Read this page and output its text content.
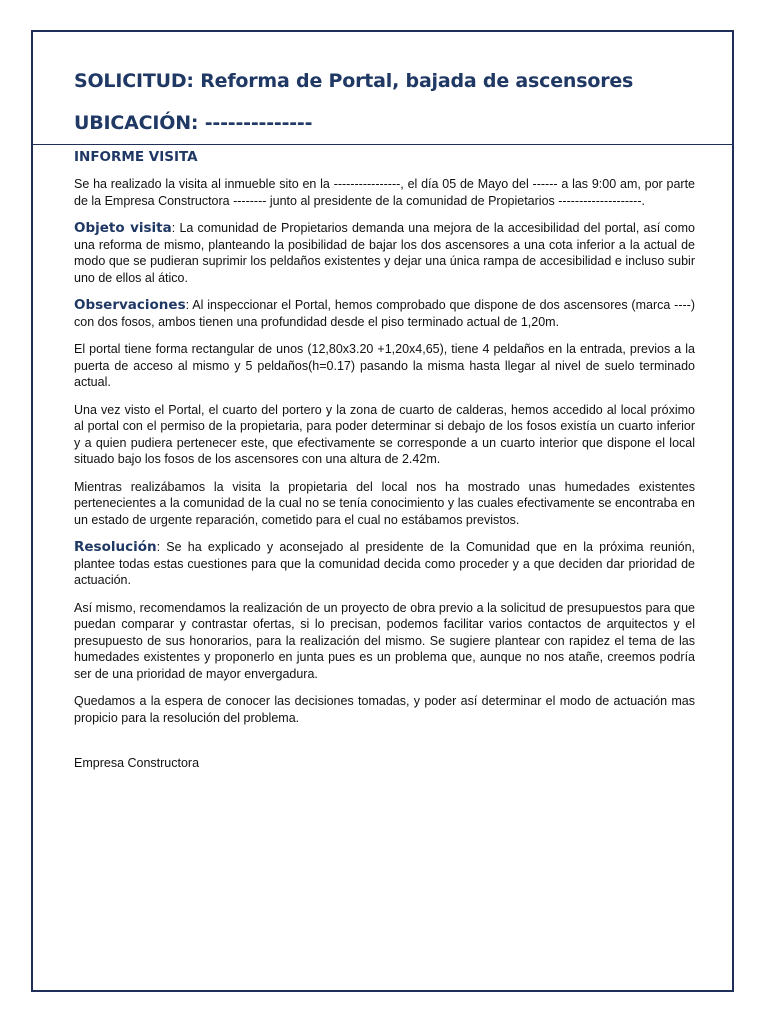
SOLICITUD: Reforma de Portal, bajada de ascensores
UBICACIÓN: --------------
INFORME VISITA

Se ha realizado la visita al inmueble sito en la ----------------, el día 05 de Mayo del ------ a las 9:00 am, por parte de la Empresa Constructora -------- junto al presidente de la comunidad de Propietarios --------------------.

Objeto visita: La comunidad de Propietarios demanda una mejora de la accesibilidad del portal, así como una reforma de mismo, planteando la posibilidad de bajar los dos ascensores a una cota inferior a la actual de modo que se pudieran suprimir los peldaños existentes y dejar una única rampa de accesibilidad e incluso subir uno de ellos al ático.

Observaciones: Al inspeccionar el Portal, hemos comprobado que dispone de dos ascensores (marca ----) con dos fosos, ambos tienen una profundidad desde el piso terminado actual de 1,20m.

El portal tiene forma rectangular de unos (12,80x3.20 +1,20x4,65), tiene 4 peldaños en la entrada, previos a la puerta de acceso al mismo y 5 peldaños(h=0.17) pasando la misma hasta llegar al nivel de suelo terminado actual.

Una vez visto el Portal, el cuarto del portero y la zona de cuarto de calderas, hemos accedido al local próximo al portal con el permiso de la propietaria, para poder determinar si debajo de los fosos existía un cuarto inferior y a quien pudiera pertenecer este, que efectivamente se corresponde a un cuarto interior que dispone el local situado bajo los fosos de los ascensores con una altura de 2.42m.

Mientras realizábamos la visita la propietaria del local nos ha mostrado unas humedades existentes pertenecientes a la comunidad de la cual no se tenía conocimiento y las cuales efectivamente se encontraba en un estado de urgente reparación, cometido para el cual no estábamos previstos.

Resolución: Se ha explicado y aconsejado al presidente de la Comunidad que en la próxima reunión, plantee todas estas cuestiones para que la comunidad decida como proceder y a que deciden dar prioridad de actuación.

Así mismo, recomendamos la realización de un proyecto de obra previo a la solicitud de presupuestos para que puedan comparar y contrastar ofertas, si lo precisan, podemos facilitar varios contactos de arquitectos y el presupuesto de sus honorarios, para la realización del mismo. Se sugiere plantear con rapidez el tema de las humedades existentes y proponerlo en junta pues es un problema que, aunque no nos atañe, creemos podría ser de una prioridad de mayor envergadura.

Quedamos a la espera de conocer las decisiones tomadas, y poder así determinar el modo de actuación mas propicio para la resolución del problema.

Empresa Constructora
